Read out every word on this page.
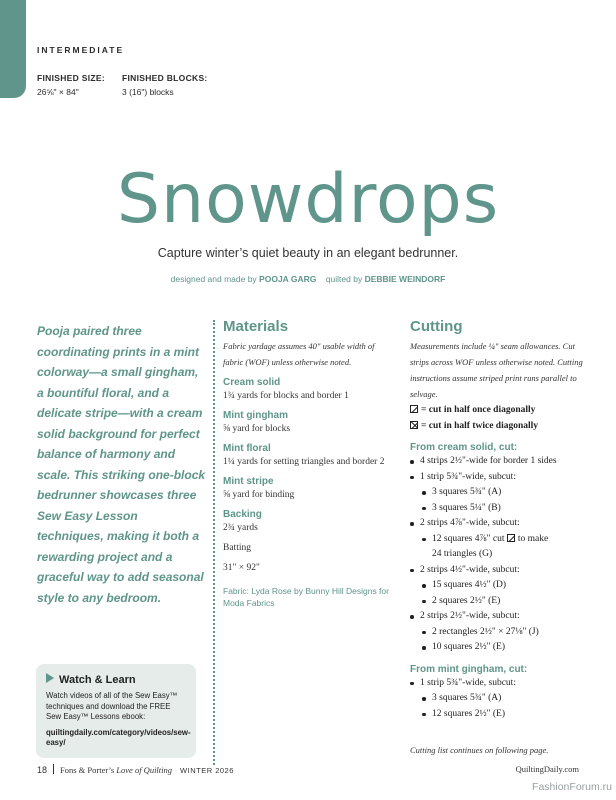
INTERMEDIATE
FINISHED SIZE:
26⅝" × 84"
FINISHED BLOCKS:
3 (16") blocks
Snowdrops
Capture winter’s quiet beauty in an elegant bedrunner.
designed and made by POOJA GARG quilted by DEBBIE WEINDORF

Pooja paired three coordinating prints in a mint colorway—a small gingham, a bountiful floral, and a delicate stripe—with a cream solid background for perfect balance of harmony and scale. This striking one-block bedrunner showcases three Sew Easy Lesson techniques, making it both a rewarding project and a graceful way to add seasonal style to any bedroom.

Materials
Fabric yardage assumes 40" usable width of fabric (WOF) unless otherwise noted.
Cream solid
1¾ yards for blocks and border 1
Mint gingham
⅝ yard for blocks
Mint floral
1¼ yards for setting triangles and border 2
Mint stripe
⅝ yard for binding
Backing
2¾ yards
Batting
31" × 92"
Fabric: Lyda Rose by Bunny Hill Designs for Moda Fabrics
Cutting
Measurements include ¼" seam allowances. Cut strips across WOF unless otherwise noted. Cutting instructions assume striped print runs parallel to selvage.
= cut in half once diagonally
= cut in half twice diagonally
From cream solid, cut:
4 strips 2½"-wide for border 1 sides
1 strip 5¾"-wide, subcut:
3 squares 5¾" (A)
3 squares 5¼" (B)
2 strips 4⅞"-wide, subcut:
12 squares 4⅞" cut to make
24 triangles (G)
2 strips 4½"-wide, subcut:
15 squares 4½" (D)
2 squares 2½" (E)
2 strips 2½"-wide, subcut:
2 rectangles 2½" × 27⅛" (J)
10 squares 2½" (E)
From mint gingham, cut:
1 strip 5¾"-wide, subcut:
3 squares 5¾" (A)
12 squares 2½" (E)
Cutting list continues on following page.
Watch & Learn
Watch videos of all of the Sew Easy™ techniques and download the FREE Sew Easy™ Lessons ebook:
quiltingdaily.com/category/videos/sew-easy/
18 Fons & Porter’s Love of Quilting WINTER 2026	QuiltingDaily.com
FashionForum.ru
